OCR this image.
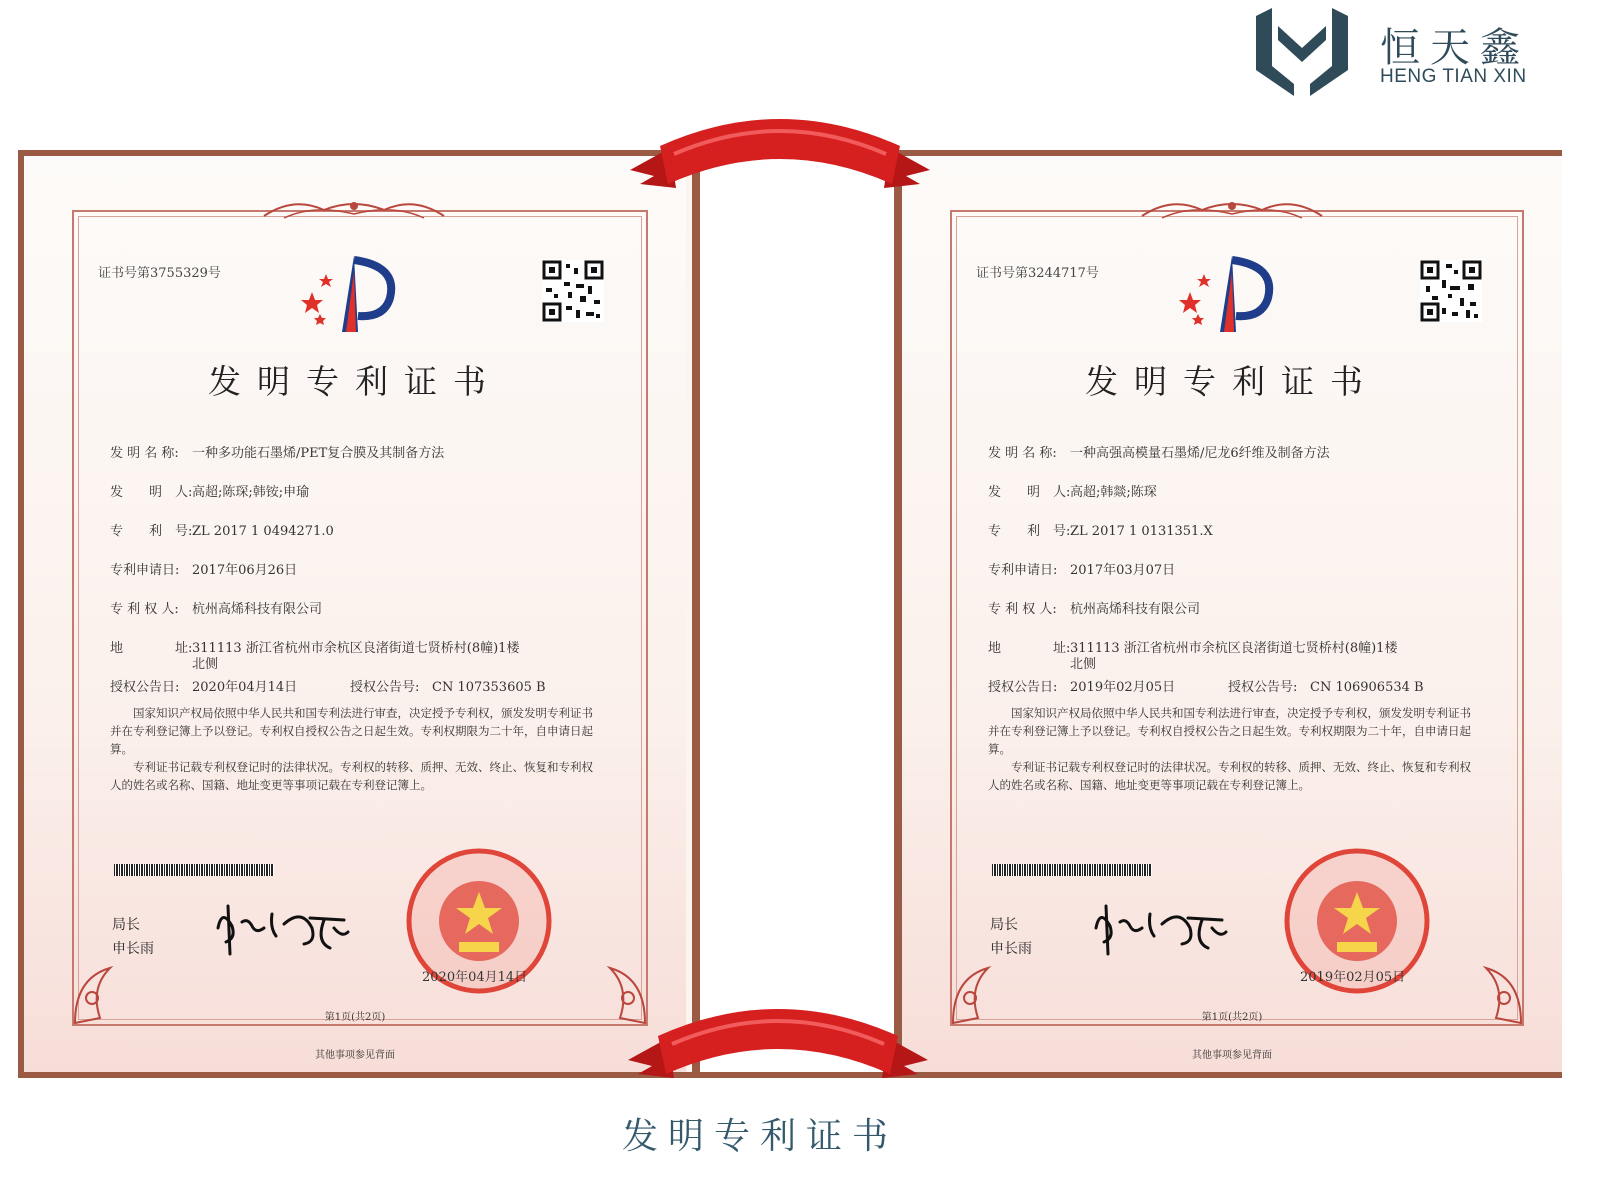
恒天鑫
HENG TIAN XIN
证书号第3755329号
发明专利证书
发 明 名 称: 一种多功能石墨烯/PET复合膜及其制备方法
发　　明　人:高超;陈琛;韩铵;申瑜
专　　利　号:ZL 2017 1 0494271.0
专利申请日: 2017年06月26日
专 利 权 人: 杭州高烯科技有限公司
地　　　　址:311113 浙江省杭州市余杭区良渚街道七贤桥村(8幢)1楼
北侧
授权公告日: 2020年04月14日	授权公告号: CN 107353605 B
国家知识产权局依照中华人民共和国专利法进行审查，决定授予专利权，颁发发明专利证书并在专利登记簿上予以登记。专利权自授权公告之日起生效。专利权期限为二十年，自申请日起算。
专利证书记载专利权登记时的法律状况。专利权的转移、质押、无效、终止、恢复和专利权人的姓名或名称、国籍、地址变更等事项记载在专利登记簿上。
局长
申长雨
2020年04月14日
第1页(共2页)
其他事项参见背面
证书号第3244717号
发明专利证书
发 明 名 称: 一种高强高模量石墨烯/尼龙6纤维及制备方法
发　　明　人:高超;韩燚;陈琛
专　　利　号:ZL 2017 1 0131351.X
专利申请日: 2017年03月07日
专 利 权 人: 杭州高烯科技有限公司
地　　　　址:311113 浙江省杭州市余杭区良渚街道七贤桥村(8幢)1楼
北侧
授权公告日: 2019年02月05日	授权公告号: CN 106906534 B
国家知识产权局依照中华人民共和国专利法进行审查，决定授予专利权，颁发发明专利证书并在专利登记簿上予以登记。专利权自授权公告之日起生效。专利权期限为二十年，自申请日起算。
专利证书记载专利权登记时的法律状况。专利权的转移、质押、无效、终止、恢复和专利权人的姓名或名称、国籍、地址变更等事项记载在专利登记簿上。
局长
申长雨
2019年02月05日
第1页(共2页)
其他事项参见背面
发明专利证书
